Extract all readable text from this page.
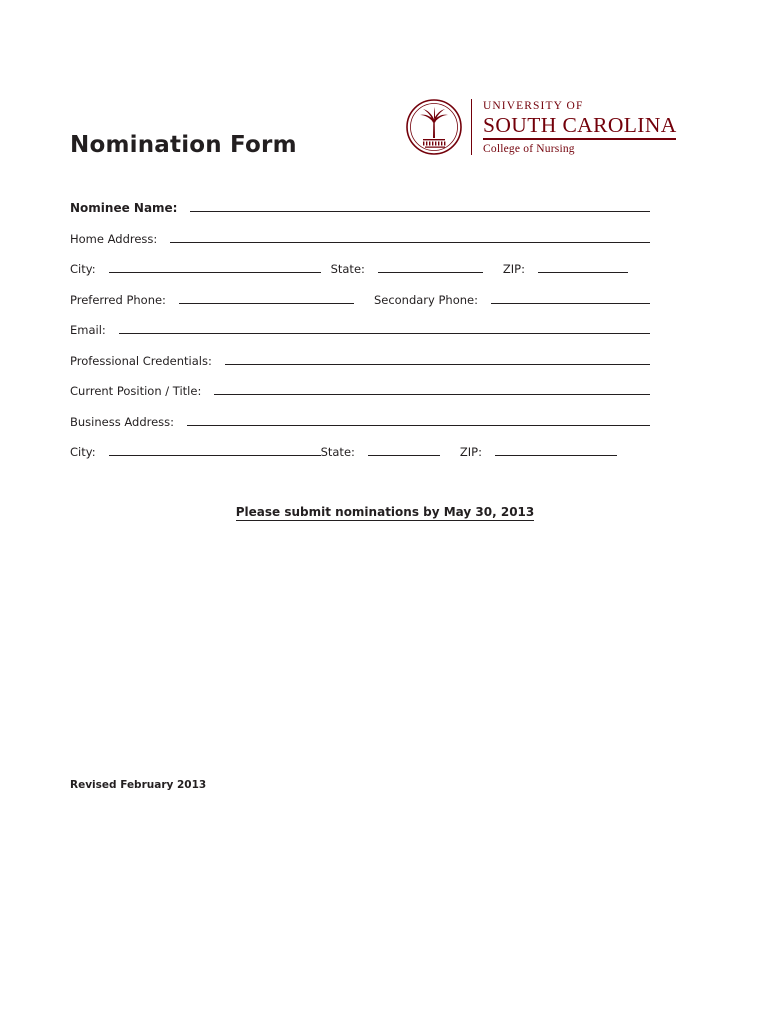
Nomination Form
UNIVERSITY OF
SOUTH CAROLINA
College of Nursing
Nominee Name:
Home Address:
City:	State:	ZIP:
Preferred Phone:	Secondary Phone:
Email:
Professional Credentials:
Current Position / Title:
Business Address:
City:	State:	ZIP:
Please submit nominations by May 30, 2013
Revised February 2013
